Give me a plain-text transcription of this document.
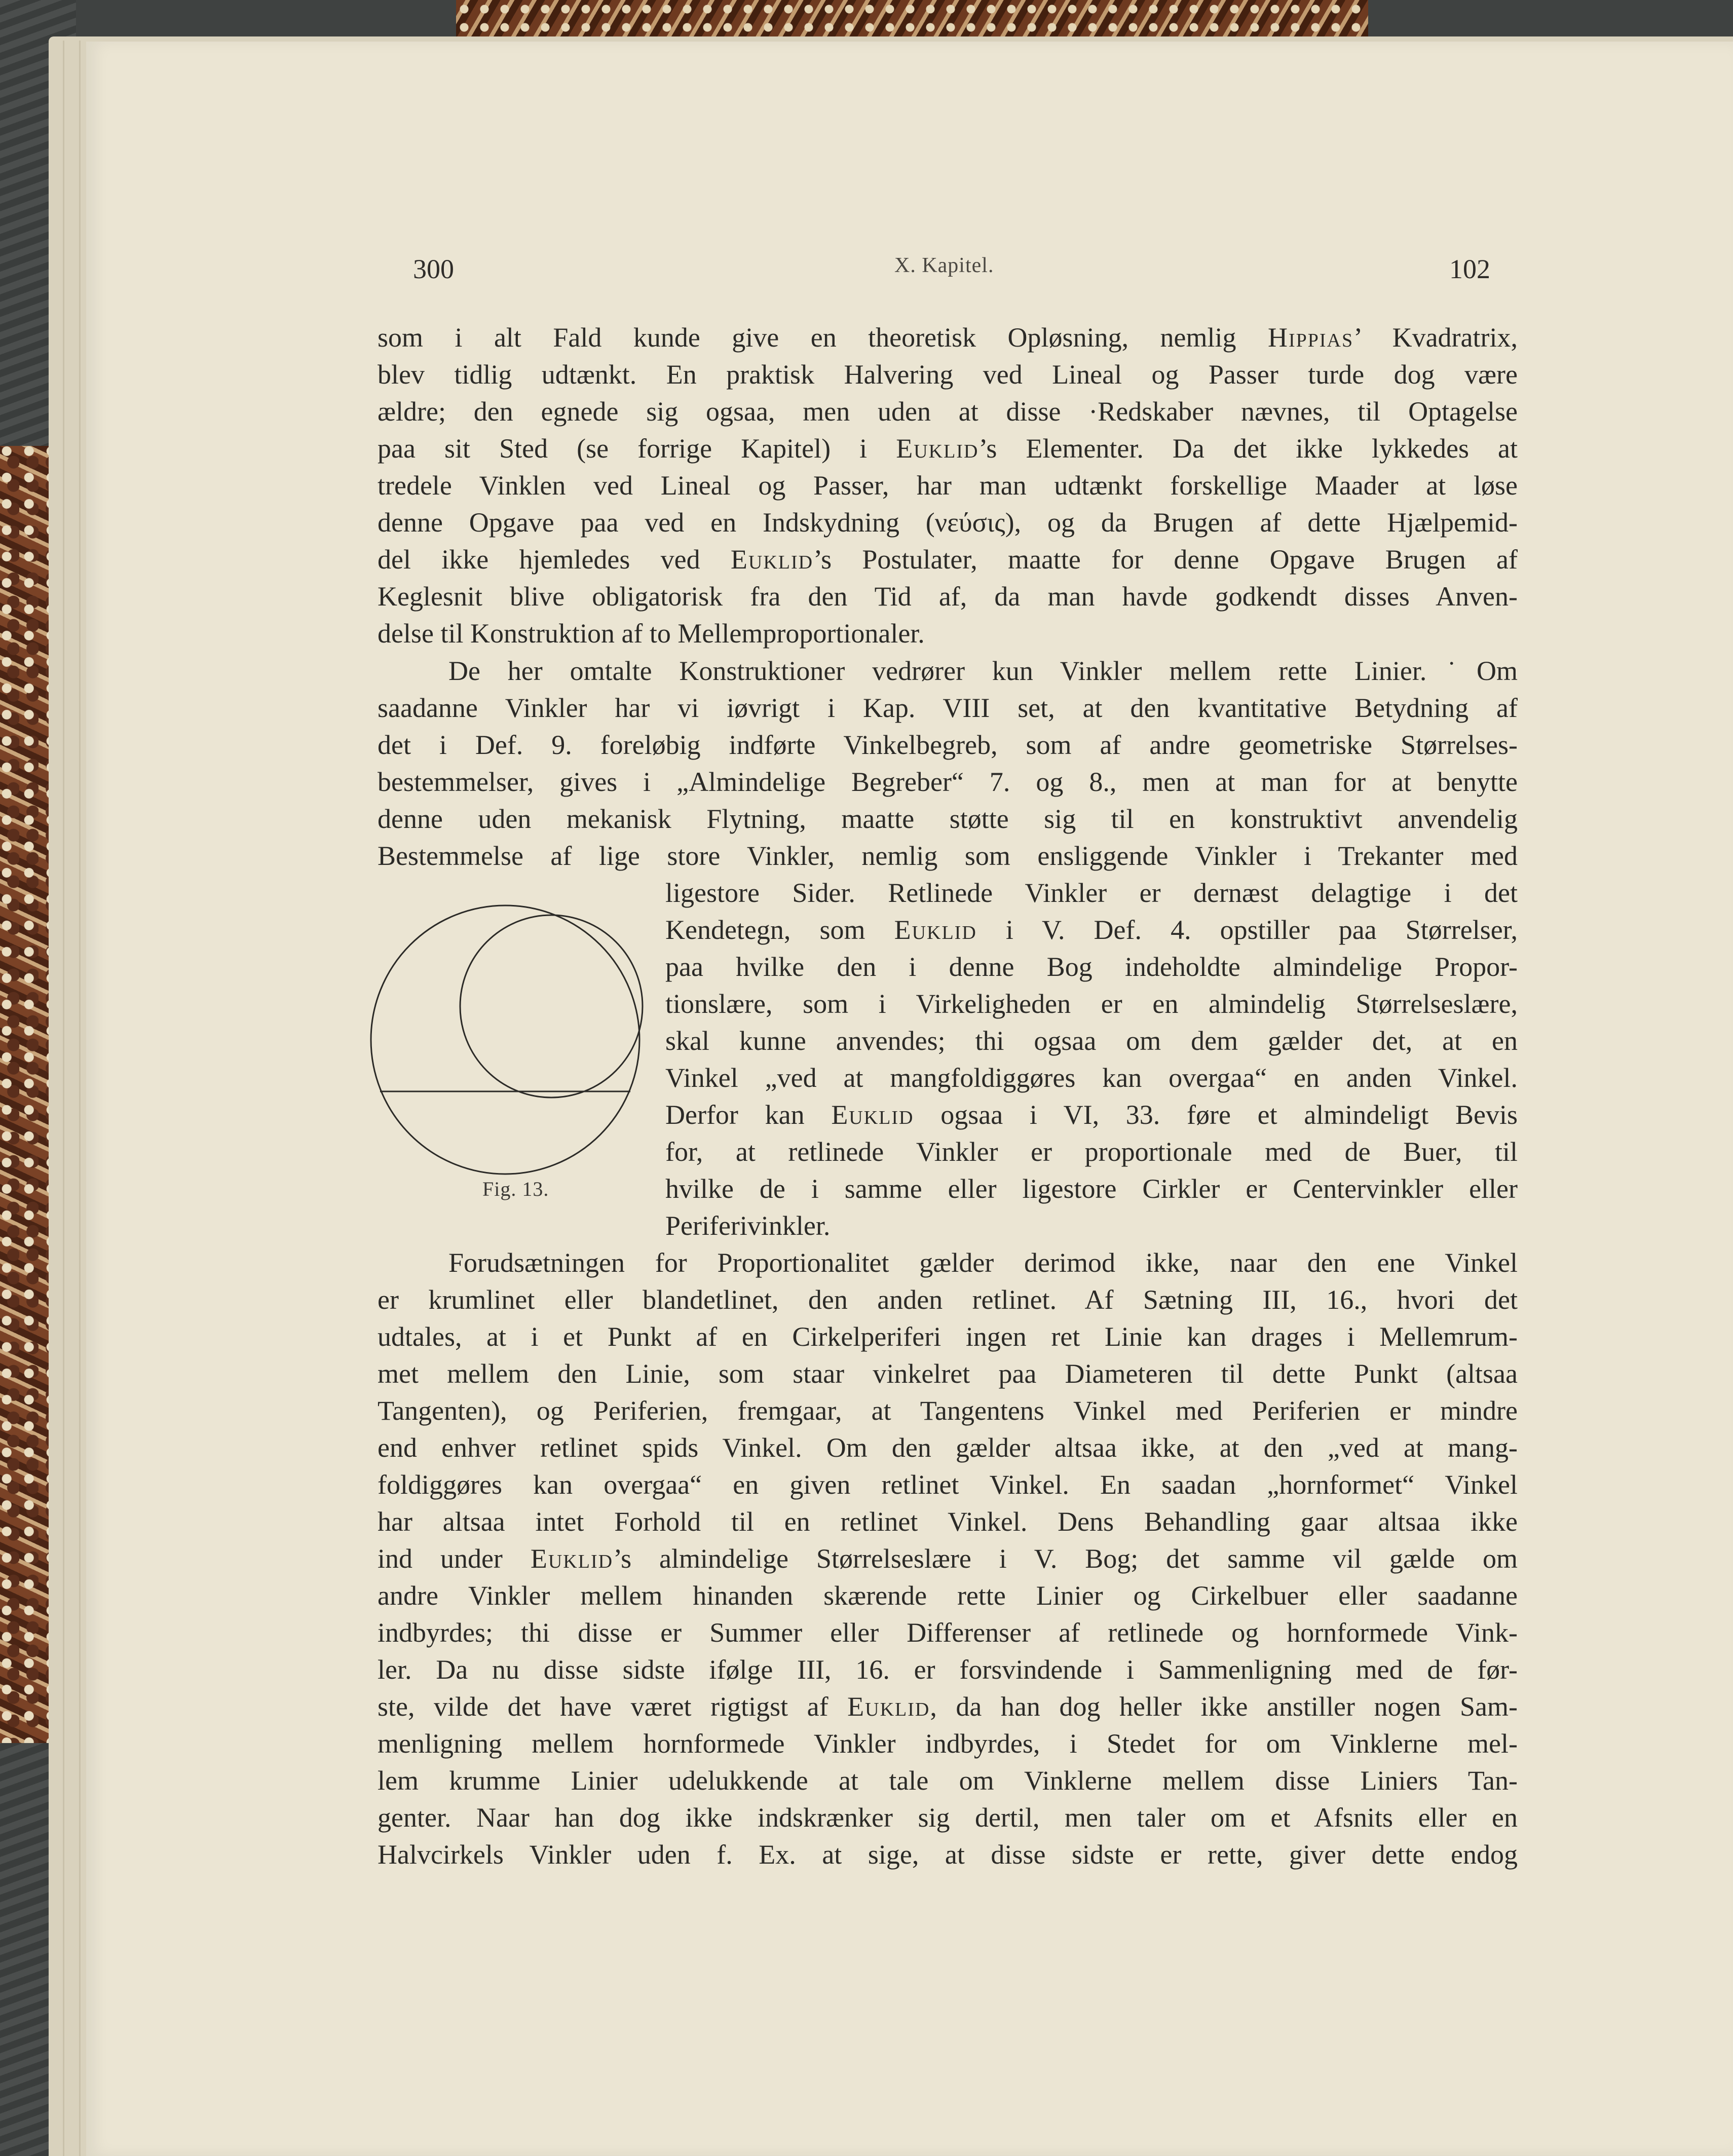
300	X. Kapitel.	102
som i alt Fald kunde give en theoretisk Opløsning, nemlig Hippias’ Kvadratrix,
blev tidlig udtænkt. En praktisk Halvering ved Lineal og Passer turde dog være
ældre; den egnede sig ogsaa, men uden at disse ·Redskaber nævnes, til Optagelse
paa sit Sted (se forrige Kapitel) i Euklid’s Elementer. Da det ikke lykkedes at
tredele Vinklen ved Lineal og Passer, har man udtænkt forskellige Maader at løse
denne Opgave paa ved en Indskydning (νεύσις), og da Brugen af dette Hjælpemid-
del ikke hjemledes ved Euklid’s Postulater, maatte for denne Opgave Brugen af
Keglesnit blive obligatorisk fra den Tid af, da man havde godkendt disses Anven-
delse til Konstruktion af to Mellemproportionaler.
De her omtalte Konstruktioner vedrører kun Vinkler mellem rette Linier.˙Om
saadanne Vinkler har vi iøvrigt i Kap. VIII set, at den kvantitative Betydning af
det i Def. 9. foreløbig indførte Vinkelbegreb, som af andre geometriske Størrelses-
bestemmelser, gives i „Almindelige Begreber“ 7. og 8., men at man for at benytte
denne uden mekanisk Flytning, maatte støtte sig til en konstruktivt anvendelig
Bestemmelse af lige store Vinkler, nemlig som ensliggende Vinkler i Trekanter med
ligestore Sider. Retlinede Vinkler er dernæst delagtige i det
Kendetegn, som Euklid i V. Def. 4. opstiller paa Størrelser,
paa hvilke den i denne Bog indeholdte almindelige Propor-
tionslære, som i Virkeligheden er en almindelig Størrelseslære,
skal kunne anvendes; thi ogsaa om dem gælder det, at en
Vinkel „ved at mangfoldiggøres kan overgaa“ en anden Vinkel.
Derfor kan Euklid ogsaa i VI, 33. føre et almindeligt Bevis
for, at retlinede Vinkler er proportionale med de Buer, til
hvilke de i samme eller ligestore Cirkler er Centervinkler eller
Periferivinkler.
Forudsætningen for Proportionalitet gælder derimod ikke, naar den ene Vinkel
er krumlinet eller blandetlinet, den anden retlinet. Af Sætning III, 16., hvori det
udtales, at i et Punkt af en Cirkelperiferi ingen ret Linie kan drages i Mellemrum-
met mellem den Linie, som staar vinkelret paa Diameteren til dette Punkt (altsaa
Tangenten), og Periferien, fremgaar, at Tangentens Vinkel med Periferien er mindre
end enhver retlinet spids Vinkel. Om den gælder altsaa ikke, at den „ved at mang-
foldiggøres kan overgaa“ en given retlinet Vinkel. En saadan „hornformet“ Vinkel
har altsaa intet Forhold til en retlinet Vinkel. Dens Behandling gaar altsaa ikke
ind under Euklid’s almindelige Størrelseslære i V. Bog; det samme vil gælde om
andre Vinkler mellem hinanden skærende rette Linier og Cirkelbuer eller saadanne
indbyrdes; thi disse er Summer eller Differenser af retlinede og hornformede Vink-
ler. Da nu disse sidste ifølge III, 16. er forsvindende i Sammenligning med de før-
ste, vilde det have været rigtigst af Euklid, da han dog heller ikke anstiller nogen Sam-
menligning mellem hornformede Vinkler indbyrdes, i Stedet for om Vinklerne mel-
lem krumme Linier udelukkende at tale om Vinklerne mellem disse Liniers Tan-
genter. Naar han dog ikke indskrænker sig dertil, men taler om et Afsnits eller en
Halvcirkels Vinkler uden f. Ex. at sige, at disse sidste er rette, giver dette endog
Fig. 13.
